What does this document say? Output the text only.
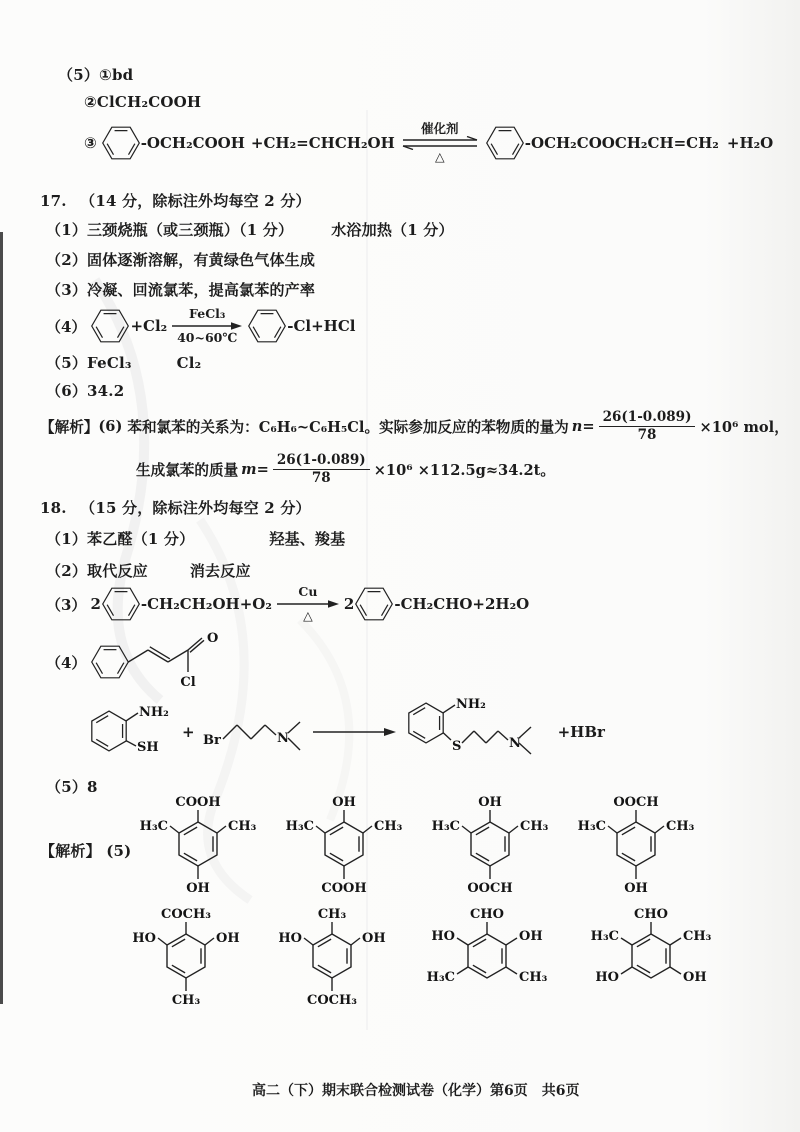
（5）①bd
②ClCH₂COOH
③	-OCH₂COOH +CH₂=CHCH₂OH
催化剂
△
-OCH₂COOCH₂CH=CH₂ +H₂O
17. （14 分，除标注外均每空 2 分）
（1）三颈烧瓶（或三颈瓶）（1 分）	水浴加热（1 分）
（2）固体逐渐溶解，有黄绿色气体生成
（3）冷凝、回流氯苯，提高氯苯的产率
（4）	+Cl₂
FeCl₃
40~60℃
-Cl+HCl
（5）FeCl₃	Cl₂
（6）34.2
【解析】 (6) 苯和氯苯的关系为：C₆H₆~C₆H₅Cl。实际参加反应的苯物质的量为 $n= \frac{26(1-0.089)}{78} \times 10^6$ mol，
生成氯苯的质量 $m= \frac{26(1-0.089)}{78} \times 10^6 \times 112.5g\approx 34.2t$。
18. （15 分，除标注外均每空 2 分）
（1）苯乙醛（1 分）	羟基、羧基
（2）取代反应	消去反应
（3） 2	-CH₂CH₂OH+O₂
Cu
△
2	-CH₂CHO+2H₂O
（4）
O
Cl
NH₂
SH
+ Br	N
NH₂
S	N
+HBr
（5）8
【解析】 (5)
COOH
H₃C	CH₃
OH
OH
H₃C	CH₃
COOH
OH
H₃C	CH₃
OOCH
OOCH
H₃C	CH₃
OH
COCH₃
HO	OH
CH₃
CH₃
HO	OH
COCH₃
CHO
HO	OH
H₃C	CH₃
CHO
H₃C	CH₃
HO	OH
高二（下）期末联合检测试卷（化学）第6页　共6页
